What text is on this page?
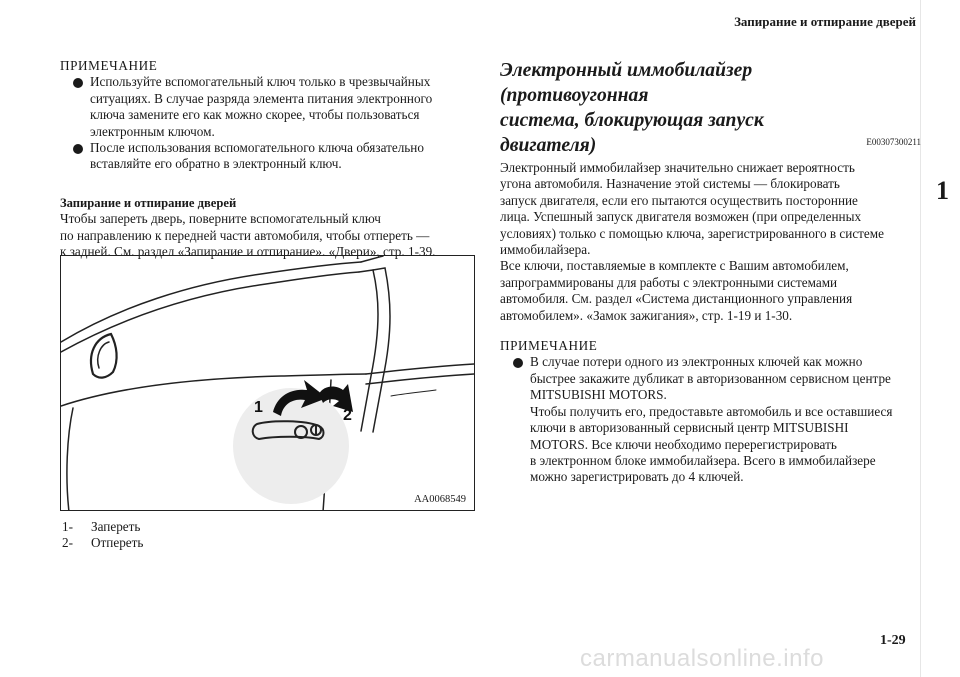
Запирание и отпирание дверей
1
ПРИМЕЧАНИЕ
Используйте вспомогательный ключ только в чрезвычайных
ситуациях. В случае разряда элемента питания электронного
ключа замените его как можно скорее, чтобы пользоваться
электронным ключом.
После использования вспомогательного ключа обязательно
вставляйте его обратно в электронный ключ.
Запирание и отпирание дверей
Чтобы запереть дверь, поверните вспомогательный ключ
по направлению к передней части автомобиля, чтобы отпереть —
к задней. См. раздел «Запирание и отпирание». «Двери», стр. 1-39.
1	2
AA0068549
1-	Запереть
2-	Отпереть
Электронный иммобилайзер (противоугонная
система, блокирующая запуск двигателя)	E00307300211
Электронный иммобилайзер значительно снижает вероятность
угона автомобиля. Назначение этой системы — блокировать
запуск двигателя, если его пытаются осуществить посторонние
лица. Успешный запуск двигателя возможен (при определенных
условиях) только с помощью ключа, зарегистрированного в системе
иммобилайзера.
Все ключи, поставляемые в комплекте с Вашим автомобилем,
запрограммированы для работы с электронными системами
автомобиля. См. раздел «Система дистанционного управления
автомобилем». «Замок зажигания», стр. 1-19 и 1-30.
ПРИМЕЧАНИЕ
В случае потери одного из электронных ключей как можно
быстрее закажите дубликат в авторизованном сервисном центре
MITSUBISHI MOTORS.
Чтобы получить его, предоставьте автомобиль и все оставшиеся
ключи в авторизованный сервисный центр MITSUBISHI
MOTORS. Все ключи необходимо перерегистрировать
в электронном блоке иммобилайзера. Всего в иммобилайзере
можно зарегистрировать до 4 ключей.
1-29
carmanualsonline.info
